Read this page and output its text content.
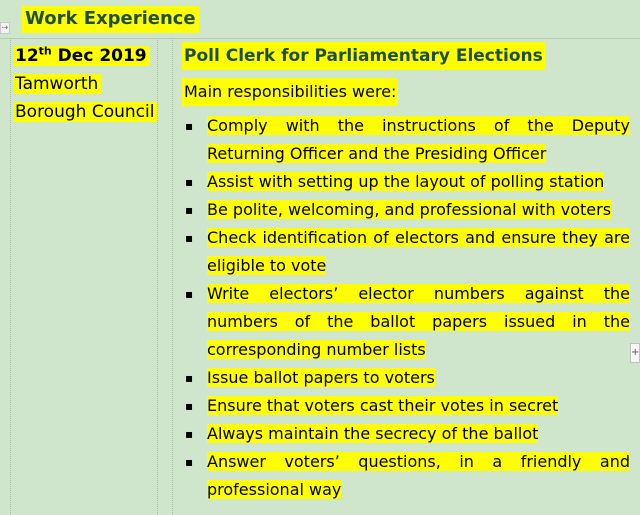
⇢ Work Experience
12th Dec 2019
Tamworth
Borough Council
Poll Clerk for Parliamentary Elections
Main responsibilities were:
▪ Comply with the instructions of the Deputy Returning Officer and the Presiding Officer
▪ Assist with setting up the layout of polling station
▪ Be polite, welcoming, and professional with voters
▪ Check identification of electors and ensure they are eligible to vote
▪ Write electors’ elector numbers against the numbers of the ballot papers issued in the corresponding number lists
▪ Issue ballot papers to voters
▪ Ensure that voters cast their votes in secret
▪ Always maintain the secrecy of the ballot
▪ Answer voters’ questions, in a friendly and professional way
+
